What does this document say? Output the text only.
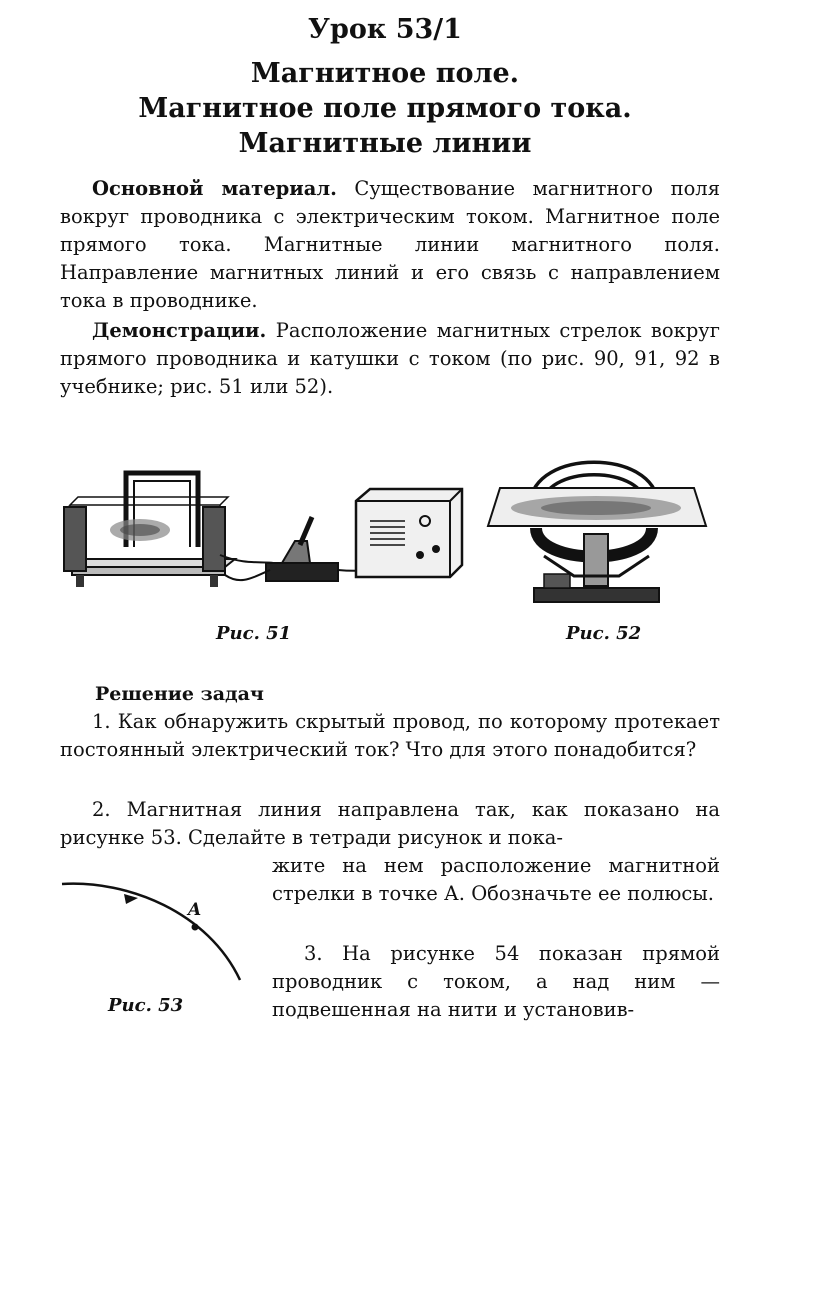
Урок 53/1
Магнитное поле.
Магнитное поле прямого тока.
Магнитные линии
Основной материал. Существование магнитного поля вокруг проводника с электрическим током. Магнитное поле прямого тока. Магнитные линии магнитного поля. Направление магнитных линий и его связь с направлением тока в проводнике.
Демонстрации. Расположение магнитных стрелок вокруг прямого проводника и катушки с током (по рис. 90, 91, 92 в учебнике; рис. 51 или 52).
Рис. 51	Рис. 52
Решение задач
1. Как обнаружить скрытый провод, по которому протекает постоянный электрический ток? Что для этого понадобится?
2. Магнитная линия направлена так, как показано на рисунке 53. Сделайте в тетради рисунок и пока-
жите на нем расположение магнитной стрелки в точке А. Обозначьте ее полюсы.
3. На рисунке 54 показан прямой проводник с током, а над ним — подвешенная на нити и установив-
A
Рис. 53
